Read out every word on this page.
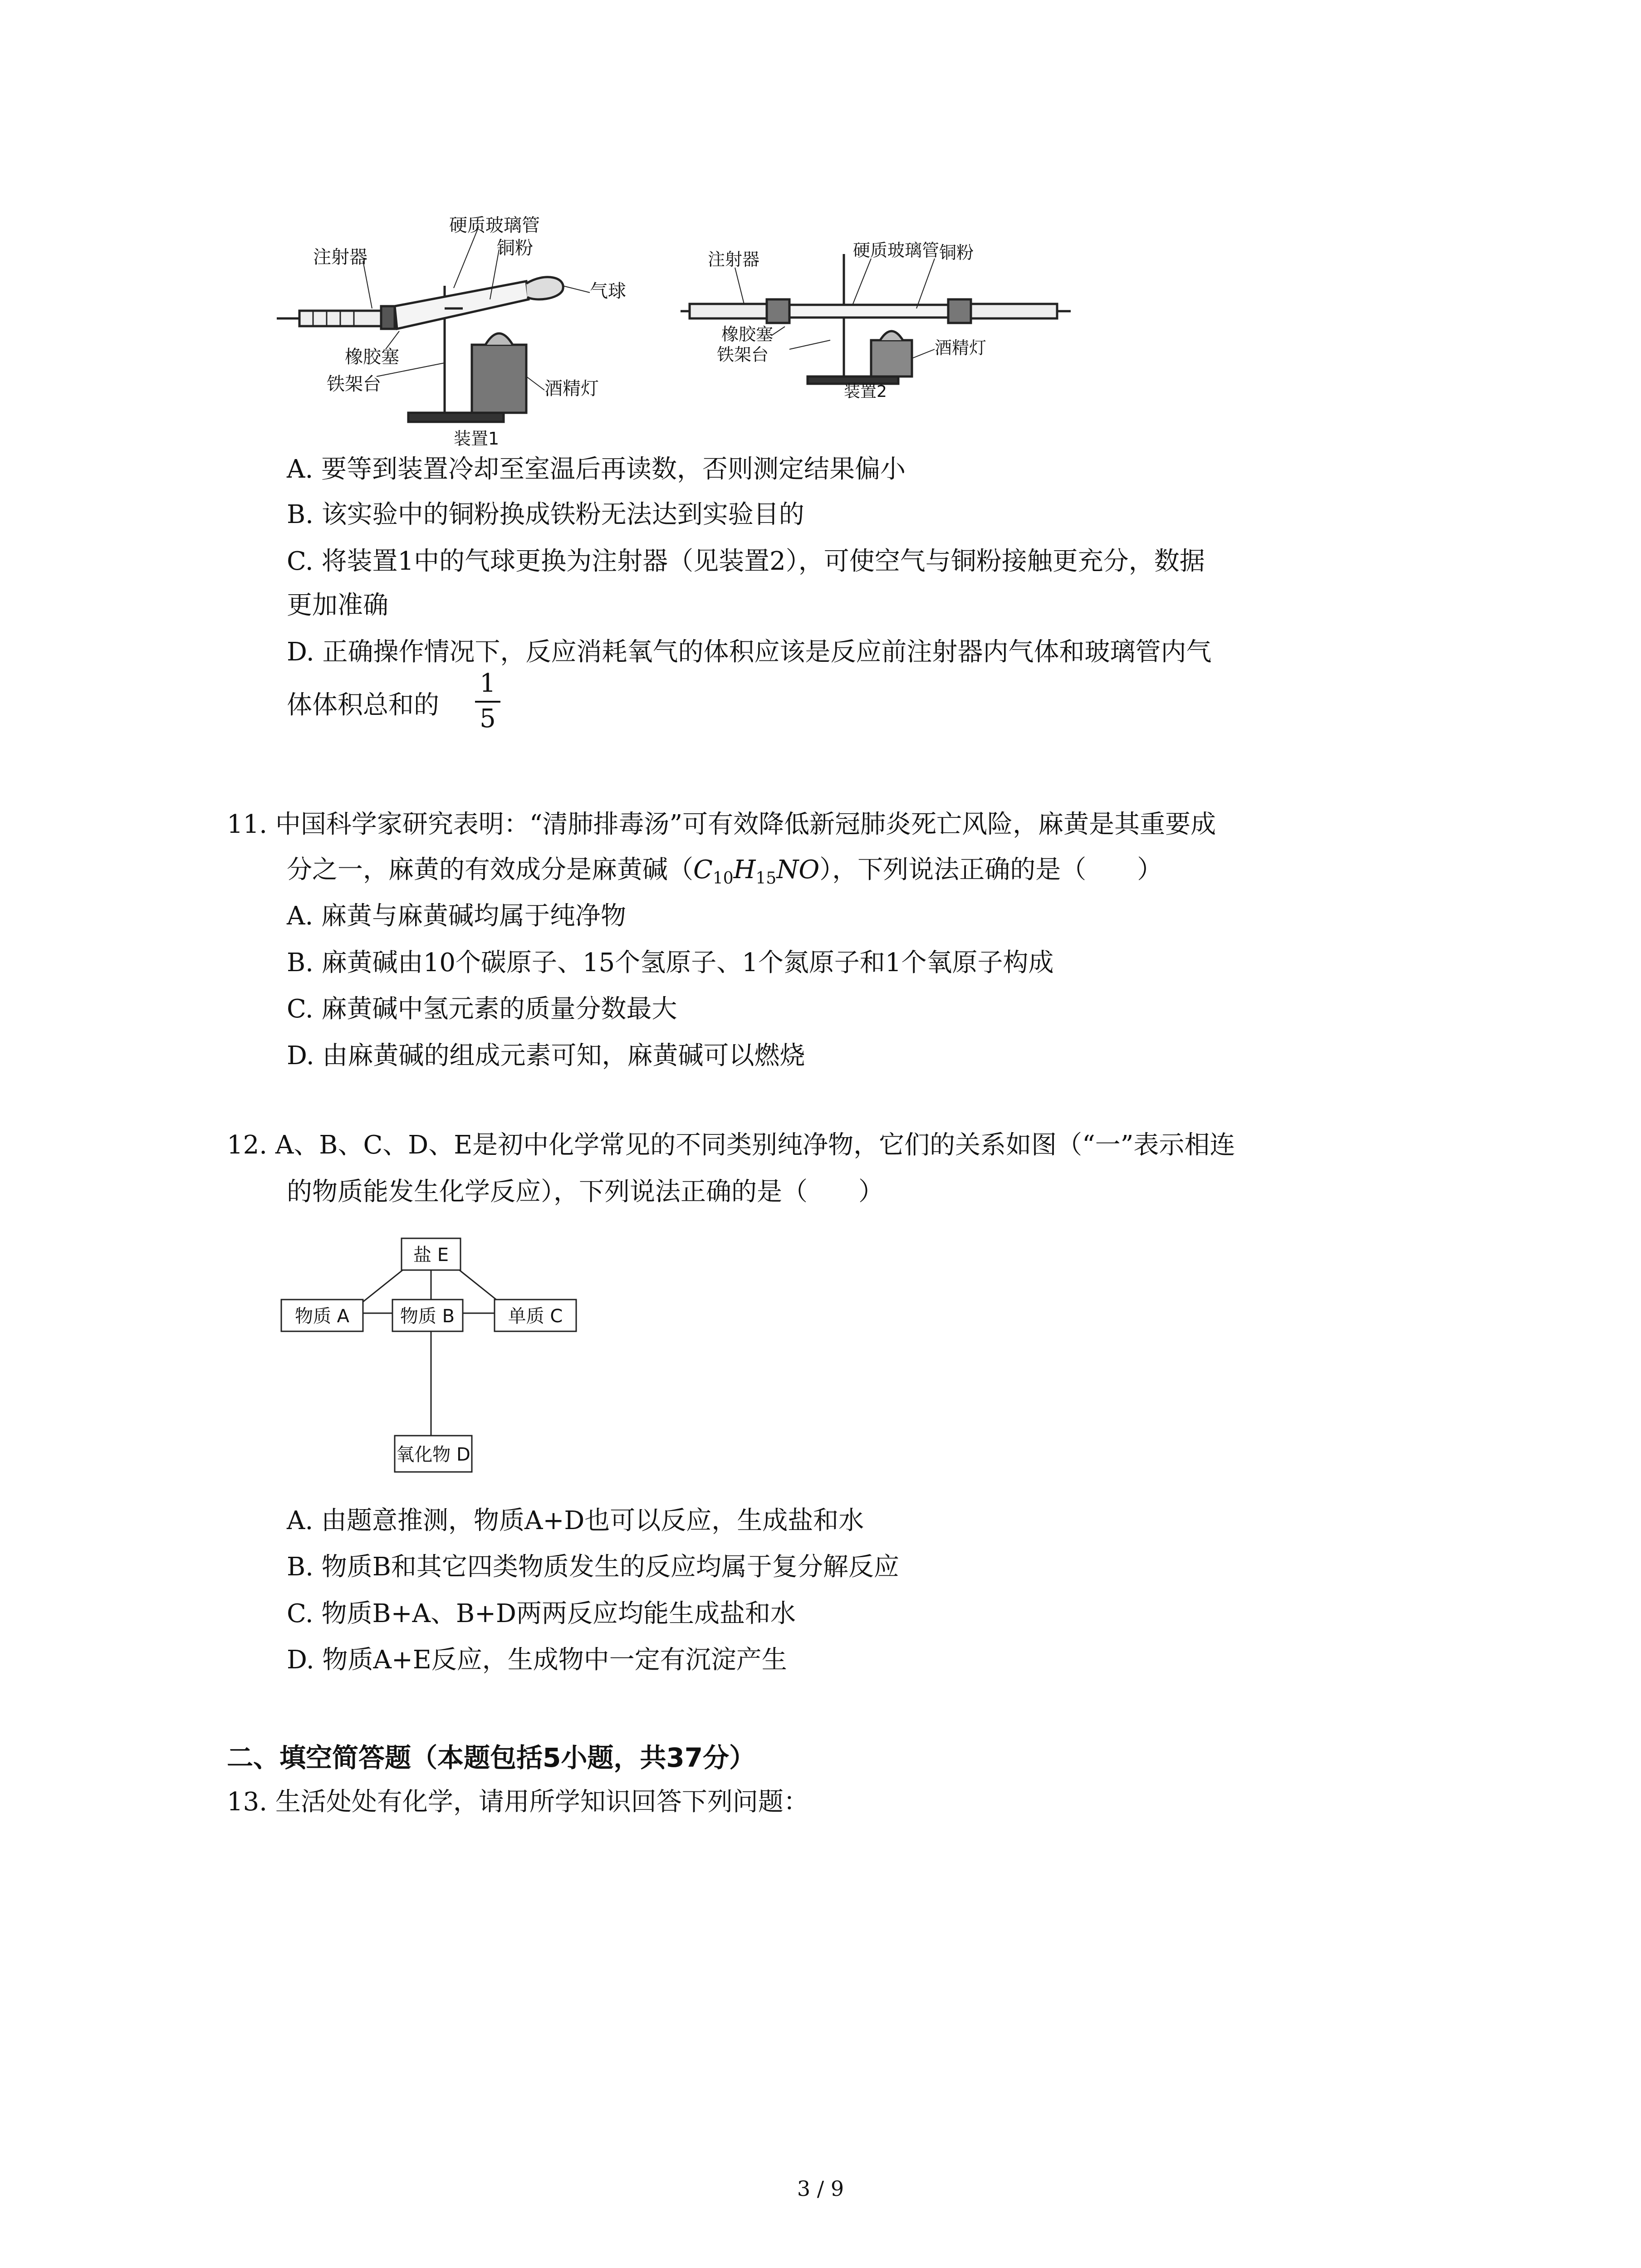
硬质玻璃管
铜粉
注射器
气球
橡胶塞
铁架台	酒精灯
装置1
注射器	硬质玻璃管 铜粉
橡胶塞
铁架台	酒精灯
装置2
A. 要等到装置冷却至室温后再读数，否则测定结果偏小
B. 该实验中的铜粉换成铁粉无法达到实验目的
C. 将装置1中的气球更换为注射器（见装置2），可使空气与铜粉接触更充分，数据
更加准确
D. 正确操作情况下，反应消耗氧气的体积应该是反应前注射器内气体和玻璃管内气
体体积总和的
1
5
11. 中国科学家研究表明：“清肺排毒汤”可有效降低新冠肺炎死亡风险，麻黄是其重要成
分之一，麻黄的有效成分是麻黄碱$(C_{10}H_{15}NO)$，下列说法正确的是（　　）
A. 麻黄与麻黄碱均属于纯净物
B. 麻黄碱由10个碳原子、15个氢原子、1个氮原子和1个氧原子构成
C. 麻黄碱中氢元素的质量分数最大
D. 由麻黄碱的组成元素可知，麻黄碱可以燃烧
12. A、B、C、D、E是初中化学常见的不同类别纯净物，它们的关系如图（“一”表示相连
的物质能发生化学反应），下列说法正确的是（　　）
盐 E
物质 A	物质 B	单质 C
氧化物 D
A. 由题意推测，物质A+D也可以反应，生成盐和水
B. 物质B和其它四类物质发生的反应均属于复分解反应
C. 物质B+A、B+D两两反应均能生成盐和水
D. 物质A+E反应，生成物中一定有沉淀产生
二、填空简答题（本题包括5小题，共37分）
13. 生活处处有化学，请用所学知识回答下列问题：
3 / 9
